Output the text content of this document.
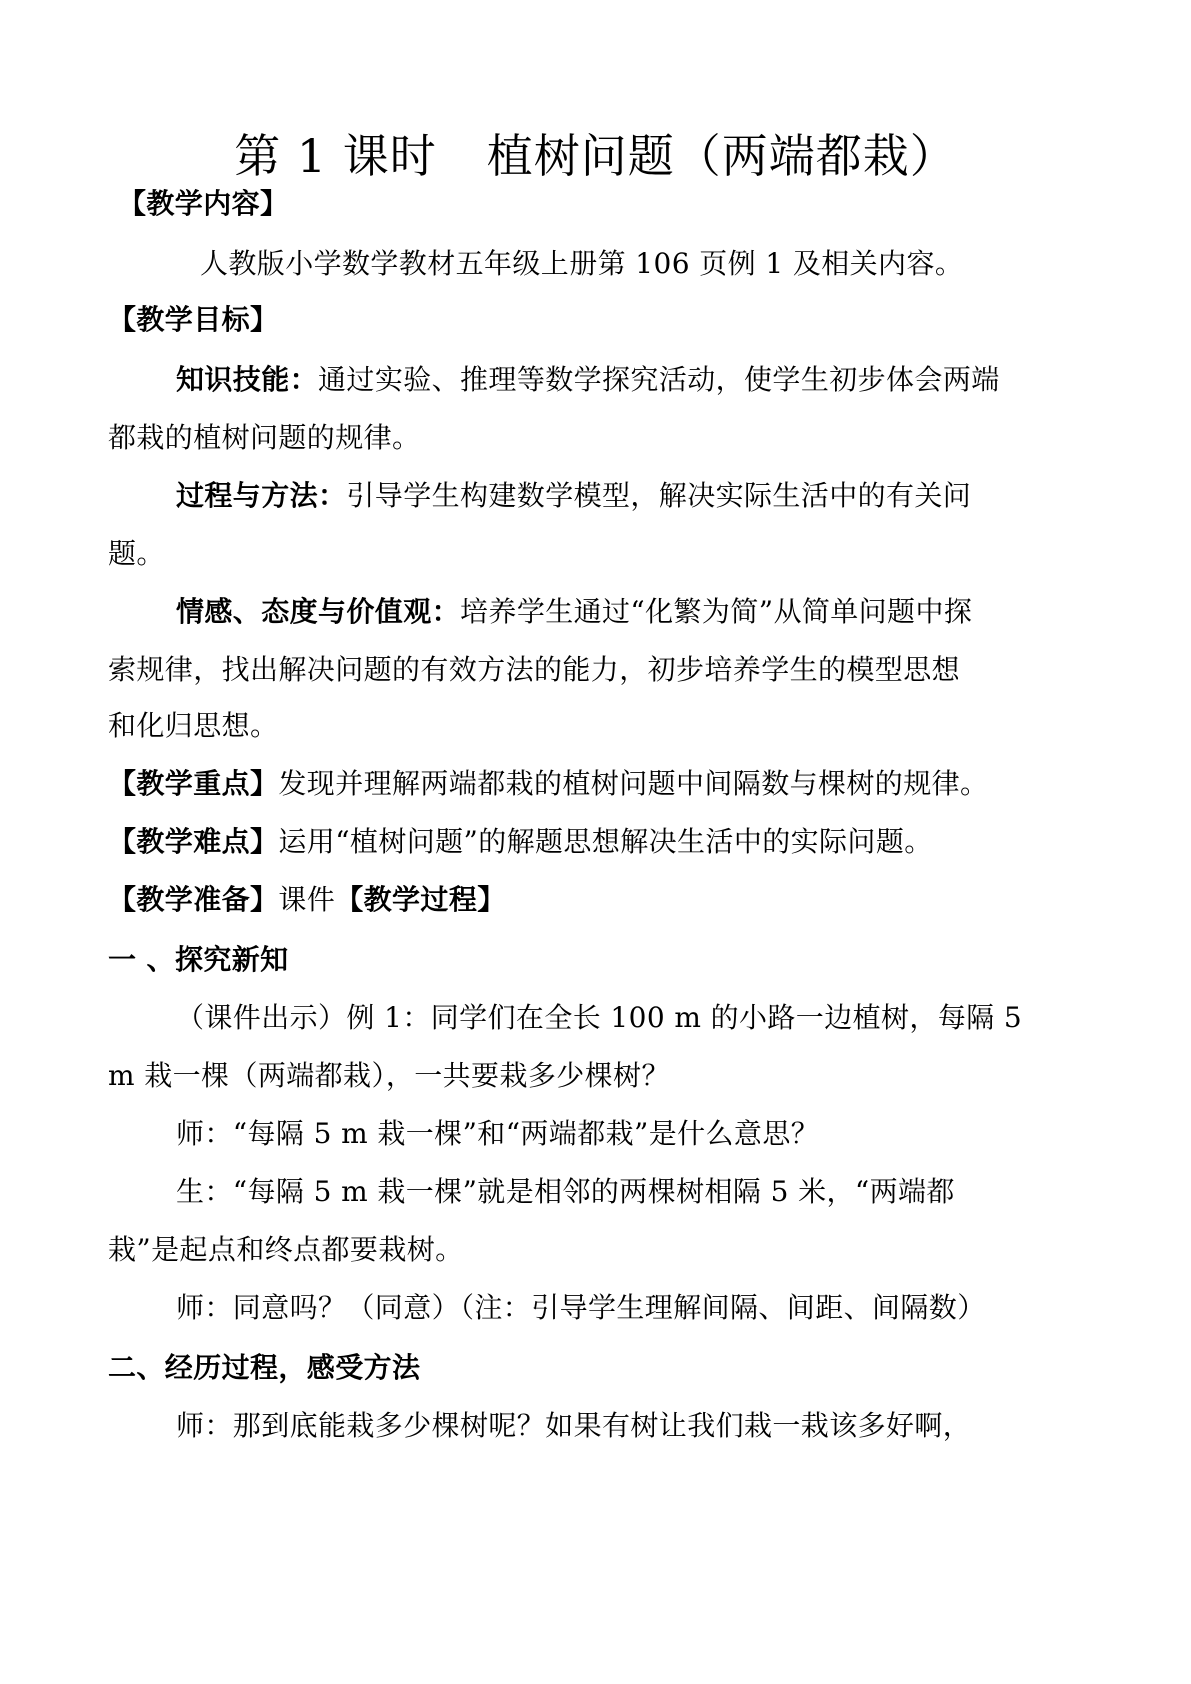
第 1 课时 植树问题（两端都栽）
【教学内容】
人教版小学数学教材五年级上册第 106 页例 1 及相关内容。
【教学目标】
知识技能：通过实验、推理等数学探究活动，使学生初步体会两端
都栽的植树问题的规律。
过程与方法：引导学生构建数学模型，解决实际生活中的有关问
题。
情感、态度与价值观：培养学生通过“化繁为简”从简单问题中探
索规律，找出解决问题的有效方法的能力，初步培养学生的模型思想
和化归思想。
【教学重点】发现并理解两端都栽的植树问题中间隔数与棵树的规律。
【教学难点】运用“植树问题”的解题思想解决生活中的实际问题。
【教学准备】课件【教学过程】
一 、探究新知
（课件出示）例 1：同学们在全长 100 m 的小路一边植树，每隔 5
m 栽一棵（两端都栽），一共要栽多少棵树？
师：“每隔 5 m 栽一棵”和“两端都栽”是什么意思？
生：“每隔 5 m 栽一棵”就是相邻的两棵树相隔 5 米，“两端都
栽”是起点和终点都要栽树。
师：同意吗？（同意）（注：引导学生理解间隔、间距、间隔数）
二、经历过程，感受方法
师：那到底能栽多少棵树呢？如果有树让我们栽一栽该多好啊，
